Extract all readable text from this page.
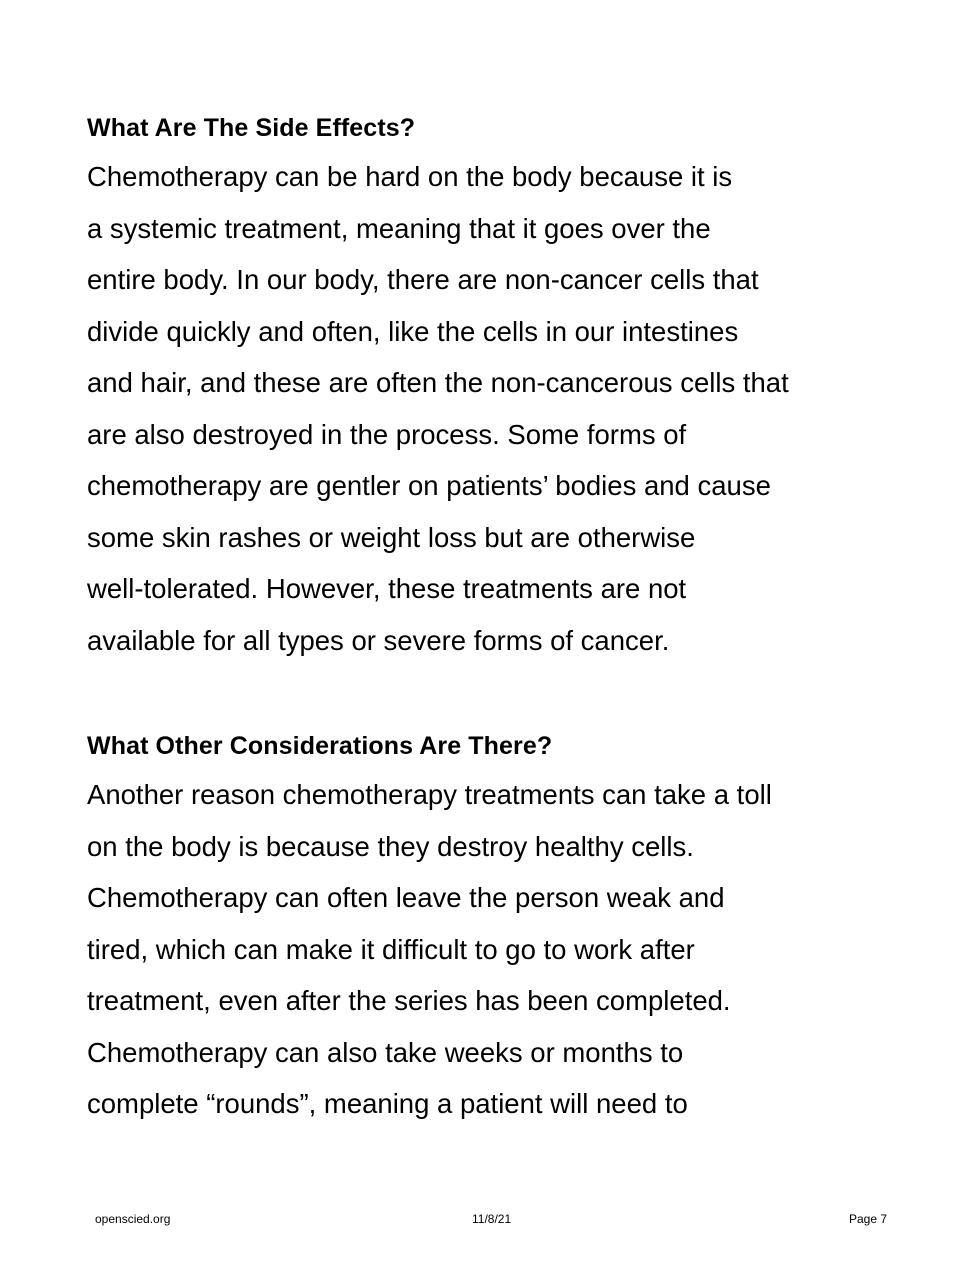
What Are The Side Effects?

Chemotherapy can be hard on the body because it is

a systemic treatment, meaning that it goes over the

entire body. In our body, there are non-cancer cells that

divide quickly and often, like the cells in our intestines

and hair, and these are often the non-cancerous cells that

are also destroyed in the process. Some forms of

chemotherapy are gentler on patients’ bodies and cause

some skin rashes or weight loss but are otherwise

well-tolerated. However, these treatments are not

available for all types or severe forms of cancer.

What Other Considerations Are There?

Another reason chemotherapy treatments can take a toll

on the body is because they destroy healthy cells.

Chemotherapy can often leave the person weak and

tired, which can make it difficult to go to work after

treatment, even after the series has been completed.

Chemotherapy can also take weeks or months to

complete “rounds”, meaning a patient will need to

openscied.org	11/8/21	Page 7
